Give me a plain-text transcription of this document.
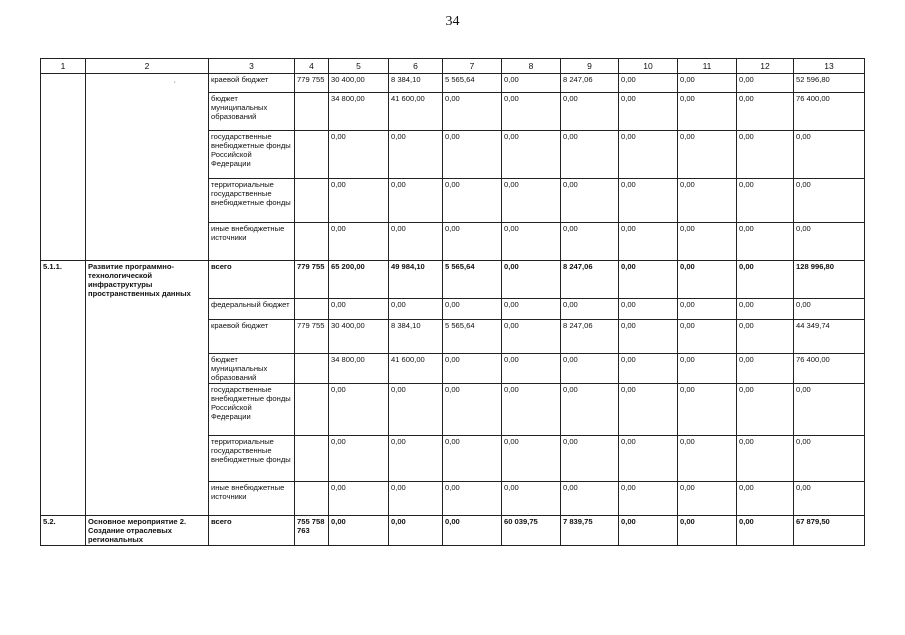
34
1	2	3	4	5	6	7	8	9	10	11	12	13

	·	краевой бюджет	779 755	30 400,00	8 384,10	5 565,64	0,00	8 247,06	0,00	0,00	0,00	52 596,80
		бюджет муниципальных образований		34 800,00	41 600,00	0,00	0,00	0,00	0,00	0,00	0,00	76 400,00
		государственные внебюджетные фонды Российской Федерации		0,00	0,00	0,00	0,00	0,00	0,00	0,00	0,00	0,00
		территориальные государственные внебюджетные фонды		0,00	0,00	0,00	0,00	0,00	0,00	0,00	0,00	0,00
		иные внебюджетные источники		0,00	0,00	0,00	0,00	0,00	0,00	0,00	0,00	0,00
5.1.1.	Развитие программно-технологической инфраструктуры пространственных данных	всего	779 755	65 200,00	49 984,10	5 565,64	0,00	8 247,06	0,00	0,00	0,00	128 996,80
		федеральный бюджет		0,00	0,00	0,00	0,00	0,00	0,00	0,00	0,00	0,00
		краевой бюджет	779 755	30 400,00	8 384,10	5 565,64	0,00	8 247,06	0,00	0,00	0,00	44 349,74
		бюджет муниципальных образований		34 800,00	41 600,00	0,00	0,00	0,00	0,00	0,00	0,00	76 400,00
		государственные внебюджетные фонды Российской Федерации		0,00	0,00	0,00	0,00	0,00	0,00	0,00	0,00	0,00
		территориальные государственные внебюджетные фонды		0,00	0,00	0,00	0,00	0,00	0,00	0,00	0,00	0,00
		иные внебюджетные источники		0,00	0,00	0,00	0,00	0,00	0,00	0,00	0,00	0,00
5.2.	Основное мероприятие 2. Создание отраслевых региональных	всего	755 758 763	0,00	0,00	0,00	60 039,75	7 839,75	0,00	0,00	0,00	67 879,50
